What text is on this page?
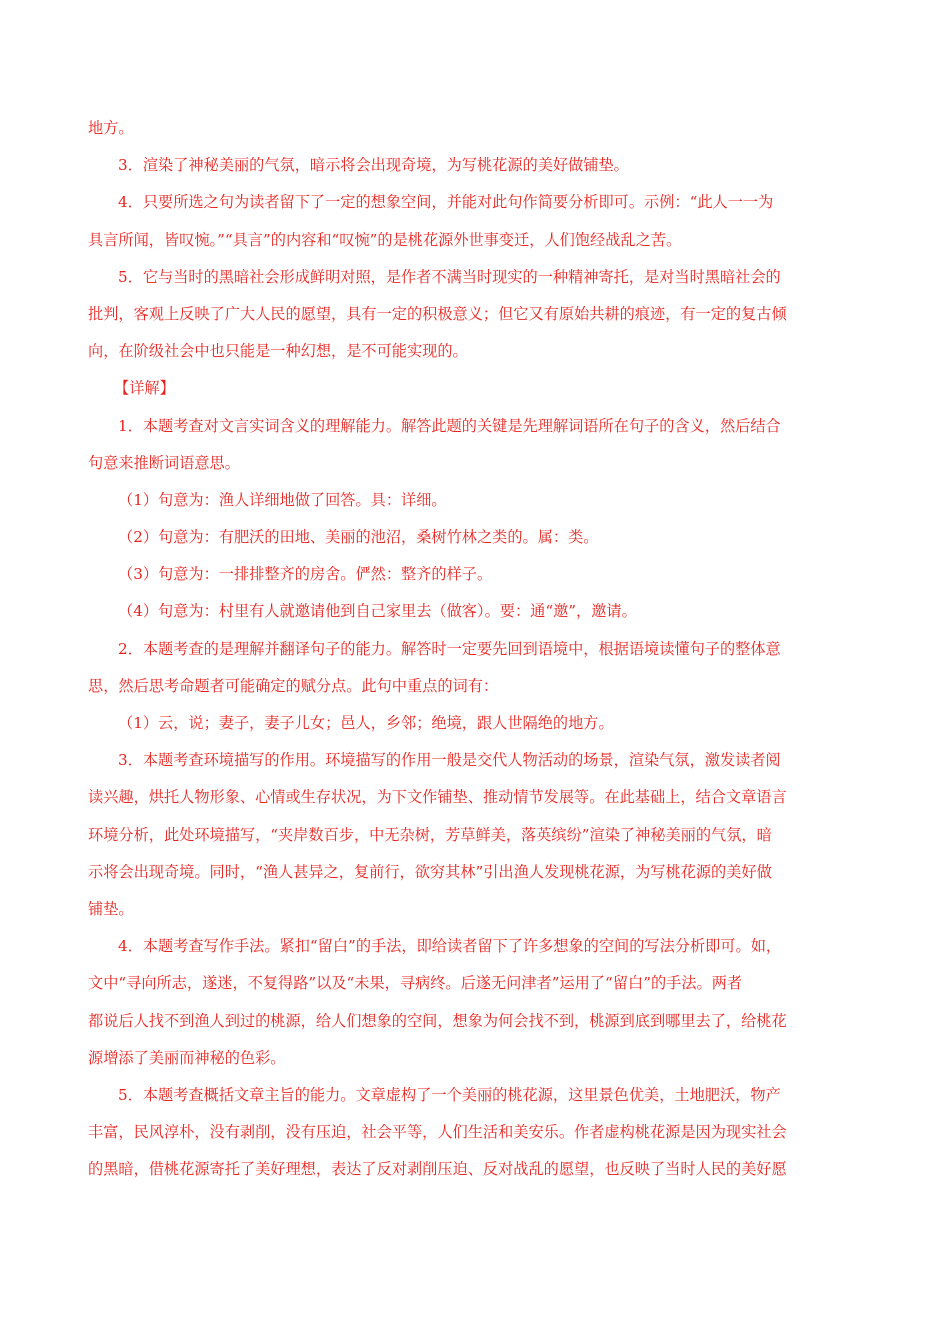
地方。
3．渲染了神秘美丽的气氛，暗示将会出现奇境，为写桃花源的美好做铺垫。
4．只要所选之句为读者留下了一定的想象空间，并能对此句作简要分析即可。示例：“此人一一为
具言所闻，皆叹惋。”“具言”的内容和“叹惋”的是桃花源外世事变迁，人们饱经战乱之苦。
5．它与当时的黑暗社会形成鲜明对照，是作者不满当时现实的一种精神寄托，是对当时黑暗社会的
批判，客观上反映了广大人民的愿望，具有一定的积极意义；但它又有原始共耕的痕迹，有一定的复古倾
向，在阶级社会中也只能是一种幻想，是不可能实现的。
【详解】
1．本题考查对文言实词含义的理解能力。解答此题的关键是先理解词语所在句子的含义，然后结合
句意来推断词语意思。
（1）句意为：渔人详细地做了回答。具：详细。
（2）句意为：有肥沃的田地、美丽的池沼，桑树竹林之类的。属：类。
（3）句意为：一排排整齐的房舍。俨然：整齐的样子。
（4）句意为：村里有人就邀请他到自己家里去（做客）。要：通“邀”，邀请。
2．本题考查的是理解并翻译句子的能力。解答时一定要先回到语境中，根据语境读懂句子的整体意
思，然后思考命题者可能确定的赋分点。此句中重点的词有：
（1）云，说；妻子，妻子儿女；邑人，乡邻；绝境，跟人世隔绝的地方。
3．本题考查环境描写的作用。环境描写的作用一般是交代人物活动的场景，渲染气氛，激发读者阅
读兴趣，烘托人物形象、心情或生存状况，为下文作铺垫、推动情节发展等。在此基础上，结合文章语言
环境分析，此处环境描写，“夹岸数百步，中无杂树，芳草鲜美，落英缤纷”渲染了神秘美丽的气氛，暗
示将会出现奇境。同时，“渔人甚异之，复前行，欲穷其林”引出渔人发现桃花源，为写桃花源的美好做
铺垫。
4．本题考查写作手法。紧扣“留白”的手法，即给读者留下了许多想象的空间的写法分析即可。如，
文中“寻向所志，遂迷，不复得路”以及“未果，寻病终。后遂无问津者”运用了“留白”的手法。两者
都说后人找不到渔人到过的桃源，给人们想象的空间，想象为何会找不到，桃源到底到哪里去了，给桃花
源增添了美丽而神秘的色彩。
5．本题考查概括文章主旨的能力。文章虚构了一个美丽的桃花源，这里景色优美，土地肥沃，物产
丰富，民风淳朴，没有剥削，没有压迫，社会平等，人们生活和美安乐。作者虚构桃花源是因为现实社会
的黑暗，借桃花源寄托了美好理想，表达了反对剥削压迫、反对战乱的愿望，也反映了当时人民的美好愿
